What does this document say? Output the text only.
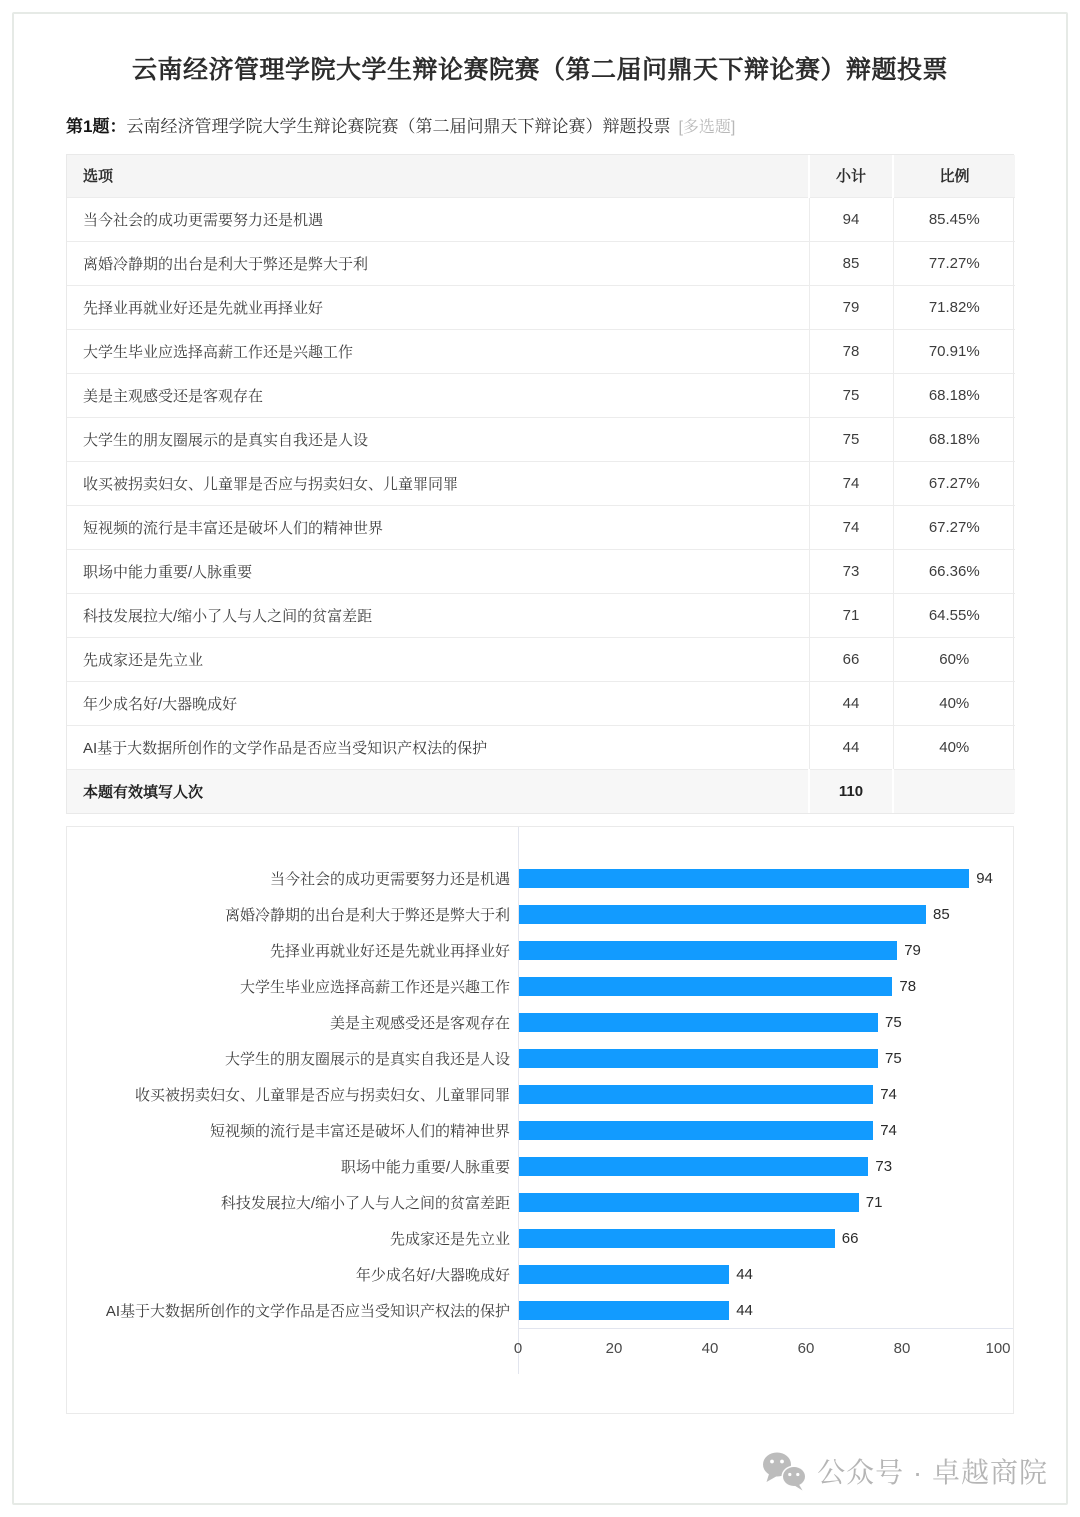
云南经济管理学院大学生辩论赛院赛（第二届问鼎天下辩论赛）辩题投票
第1题：云南经济管理学院大学生辩论赛院赛（第二届问鼎天下辩论赛）辩题投票 [多选题]
选项	小计	比例
当今社会的成功更需要努力还是机遇	94	85.45%
离婚冷静期的出台是利大于弊还是弊大于利	85	77.27%
先择业再就业好还是先就业再择业好	79	71.82%
大学生毕业应选择高薪工作还是兴趣工作	78	70.91%
美是主观感受还是客观存在	75	68.18%
大学生的朋友圈展示的是真实自我还是人设	75	68.18%
收买被拐卖妇女、儿童罪是否应与拐卖妇女、儿童罪同罪	74	67.27%
短视频的流行是丰富还是破坏人们的精神世界	74	67.27%
职场中能力重要/人脉重要	73	66.36%
科技发展拉大/缩小了人与人之间的贫富差距	71	64.55%
先成家还是先立业	66	60%
年少成名好/大器晚成好	44	40%
AI基于大数据所创作的文学作品是否应当受知识产权法的保护	44	40%
本题有效填写人次	110	
当今社会的成功更需要努力还是机遇	94
离婚冷静期的出台是利大于弊还是弊大于利	85
先择业再就业好还是先就业再择业好	79
大学生毕业应选择高薪工作还是兴趣工作	78
美是主观感受还是客观存在	75
大学生的朋友圈展示的是真实自我还是人设	75
收买被拐卖妇女、儿童罪是否应与拐卖妇女、儿童罪同罪	74
短视频的流行是丰富还是破坏人们的精神世界	74
职场中能力重要/人脉重要	73
科技发展拉大/缩小了人与人之间的贫富差距	71
先成家还是先立业	66
年少成名好/大器晚成好	44
AI基于大数据所创作的文学作品是否应当受知识产权法的保护	44
0	20	40	60	80	100
公众号 · 卓越商院
